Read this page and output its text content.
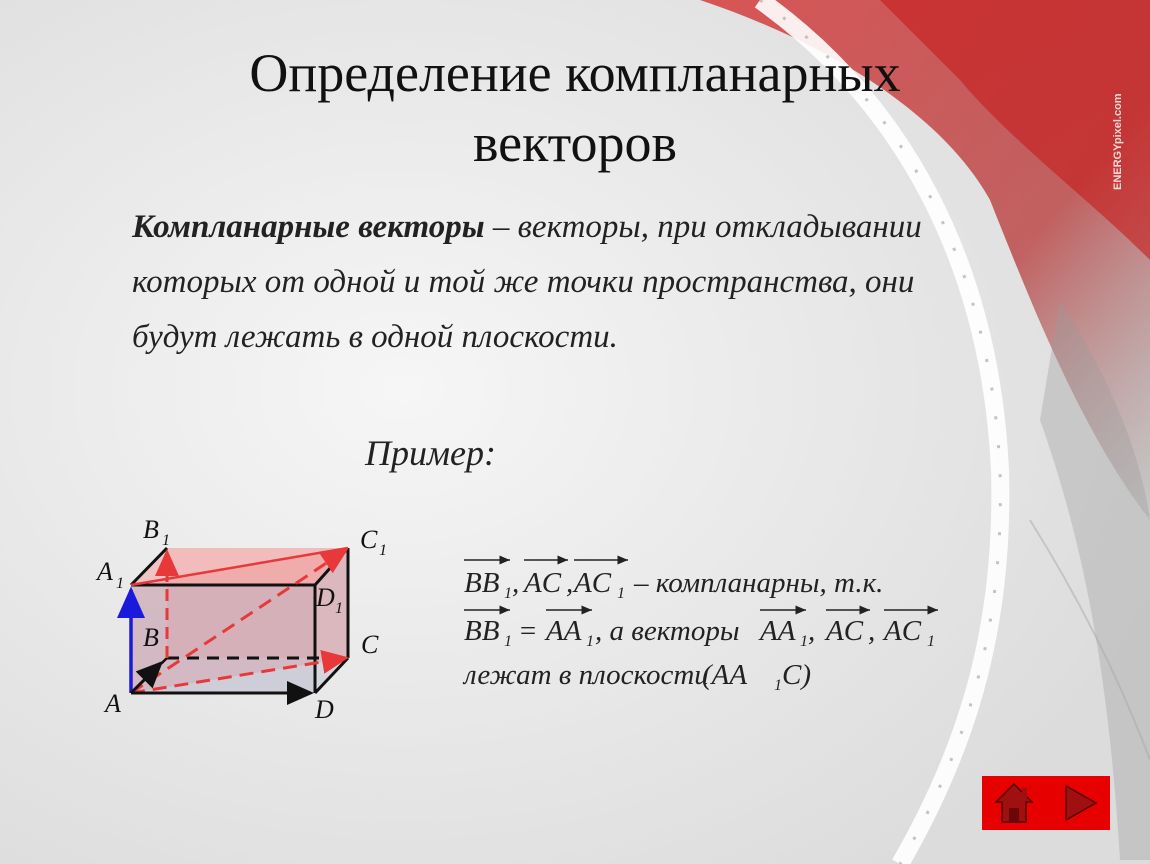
Определение компланарных
векторов
Компланарные векторы – векторы, при откладывании которых от одной и той же точки пространства, они будут лежать в одной плоскости.
Пример:
A
B	C
D
A 1
B 1	C 1
D 1
BB 1 , AC , AC 1 – компланарны, т.к.
BB 1 = AA 1 , а векторы AA 1 , AC , AC 1
лежат в плоскости
(AA 1 C)
ENERGYpixel.com
